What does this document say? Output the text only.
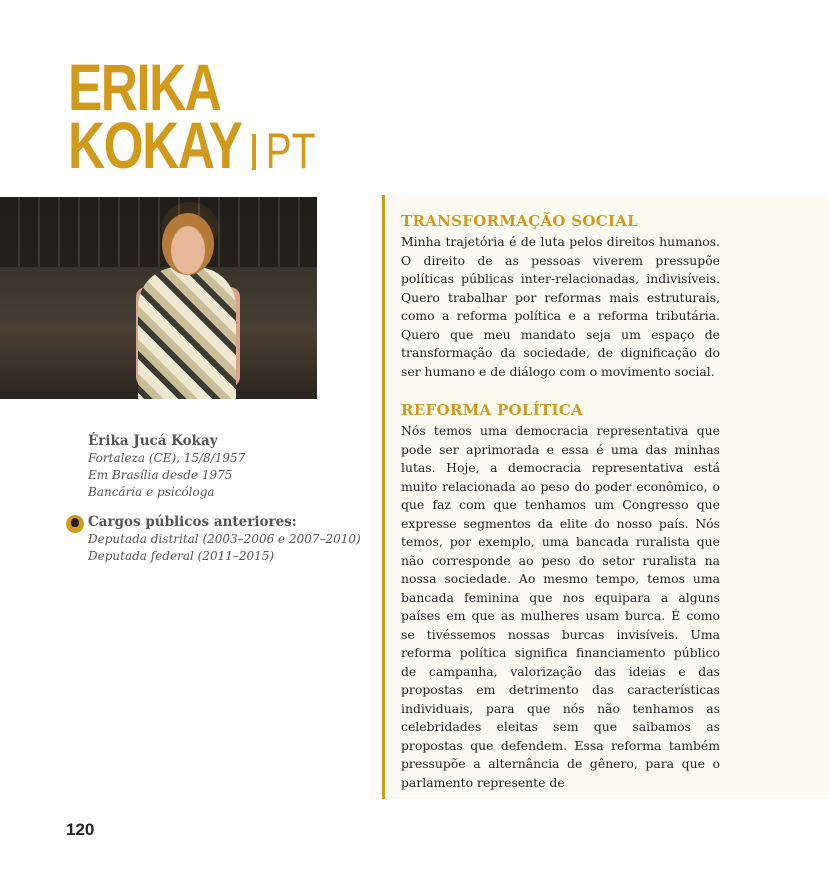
ERIKA
KOKAY PT
Érika Jucá Kokay
Fortaleza (CE), 15/8/1957
Em Brasília desde 1975
Bancária e psicóloga
Cargos públicos anteriores:
Deputada distrital (2003–2006 e 2007–2010)
Deputada federal (2011–2015)
TRANSFORMAÇÃO SOCIAL

Minha trajetória é de luta pelos direitos humanos. O direito de as pessoas viverem pressupõe políticas públicas inter-relacionadas, indivisíveis. Quero trabalhar por reformas mais estruturais, como a reforma política e a reforma tributária. Quero que meu mandato seja um espaço de transformação da sociedade, de dignificação do ser humano e de diálogo com o movimento social.

REFORMA POLÍTICA

Nós temos uma democracia representativa que pode ser aprimorada e essa é uma das minhas lutas. Hoje, a democracia representativa está muito relacionada ao peso do poder econômico, o que faz com que tenhamos um Congresso que expresse segmentos da elite do nosso país. Nós temos, por exemplo, uma bancada ruralista que não corresponde ao peso do setor ruralista na nossa sociedade. Ao mesmo tempo, temos uma bancada feminina que nos equipara a alguns países em que as mulheres usam burca. É como se tivéssemos nossas burcas invisíveis. Uma reforma política significa financiamento público de campanha, valorização das ideias e das propostas em detrimento das características individuais, para que nós não tenhamos as celebridades eleitas sem que saibamos as propostas que defendem. Essa reforma também pressupõe a alternância de gênero, para que o parlamento represente de

120
